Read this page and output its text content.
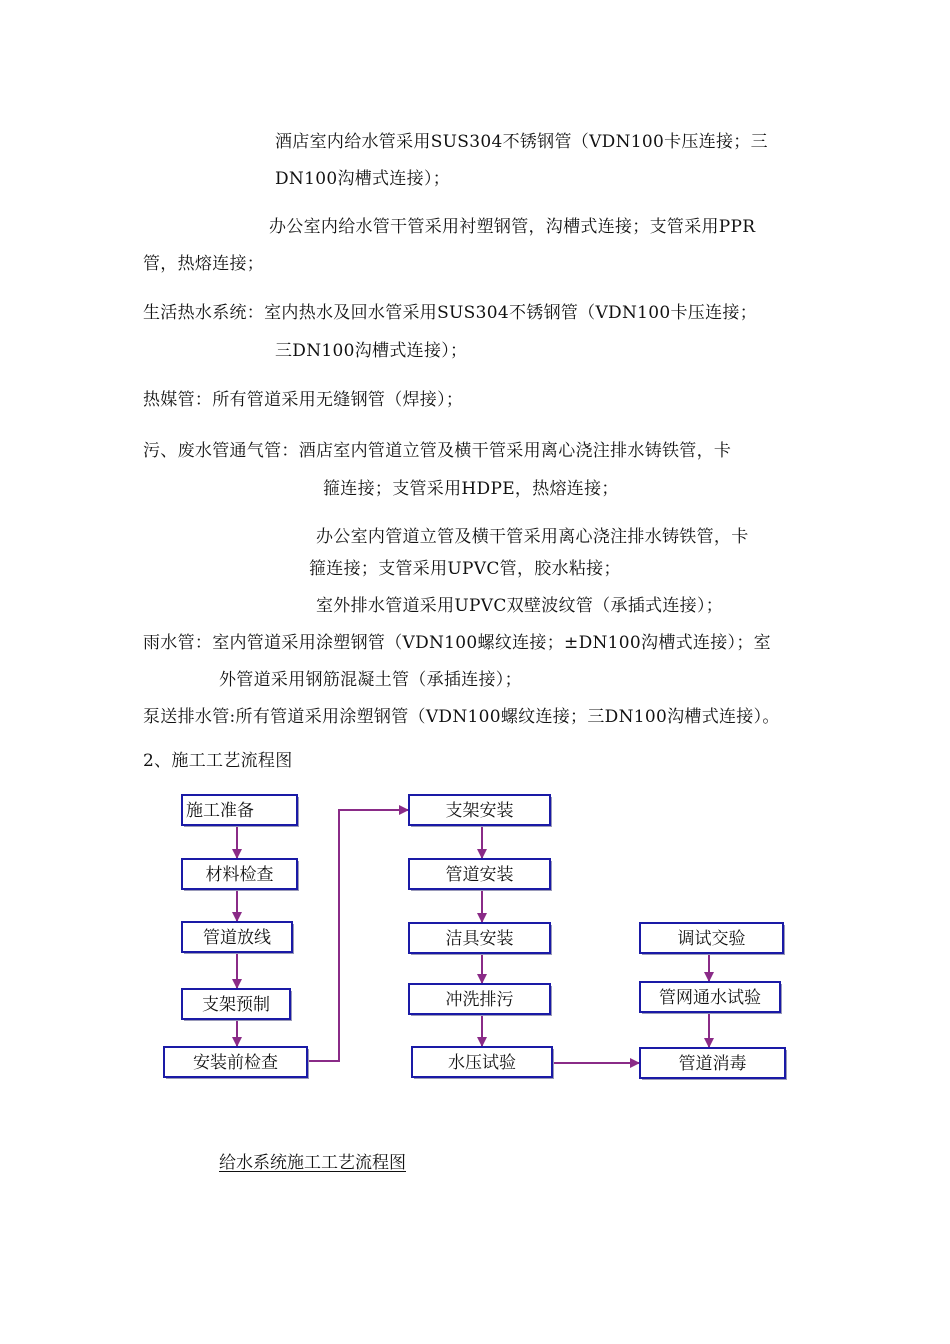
酒店室内给水管采用SUS304不锈钢管（VDN100卡压连接；三
DN100沟槽式连接）；
办公室内给水管干管采用衬塑钢管，沟槽式连接；支管采用PPR
管，热熔连接；
生活热水系统：室内热水及回水管采用SUS304不锈钢管（VDN100卡压连接；
三DN100沟槽式连接）；
热媒管：所有管道采用无缝钢管（焊接）；
污、废水管通气管：酒店室内管道立管及横干管采用离心浇注排水铸铁管，卡
箍连接；支管采用HDPE，热熔连接；
办公室内管道立管及横干管采用离心浇注排水铸铁管，卡
箍连接；支管采用UPVC管，胶水粘接；
室外排水管道采用UPVC双壁波纹管（承插式连接）；
雨水管：室内管道采用涂塑钢管（VDN100螺纹连接；±DN100沟槽式连接）；室
外管道采用钢筋混凝土管（承插连接）；
泵送排水管:所有管道采用涂塑钢管（VDN100螺纹连接；三DN100沟槽式连接）。
2、施工工艺流程图
施工准备
材料检查
管道放线
支架预制
安装前检查
支架安装
管道安装
洁具安装
冲洗排污
水压试验
调试交验
管网通水试验
管道消毒
给水系统施工工艺流程图
